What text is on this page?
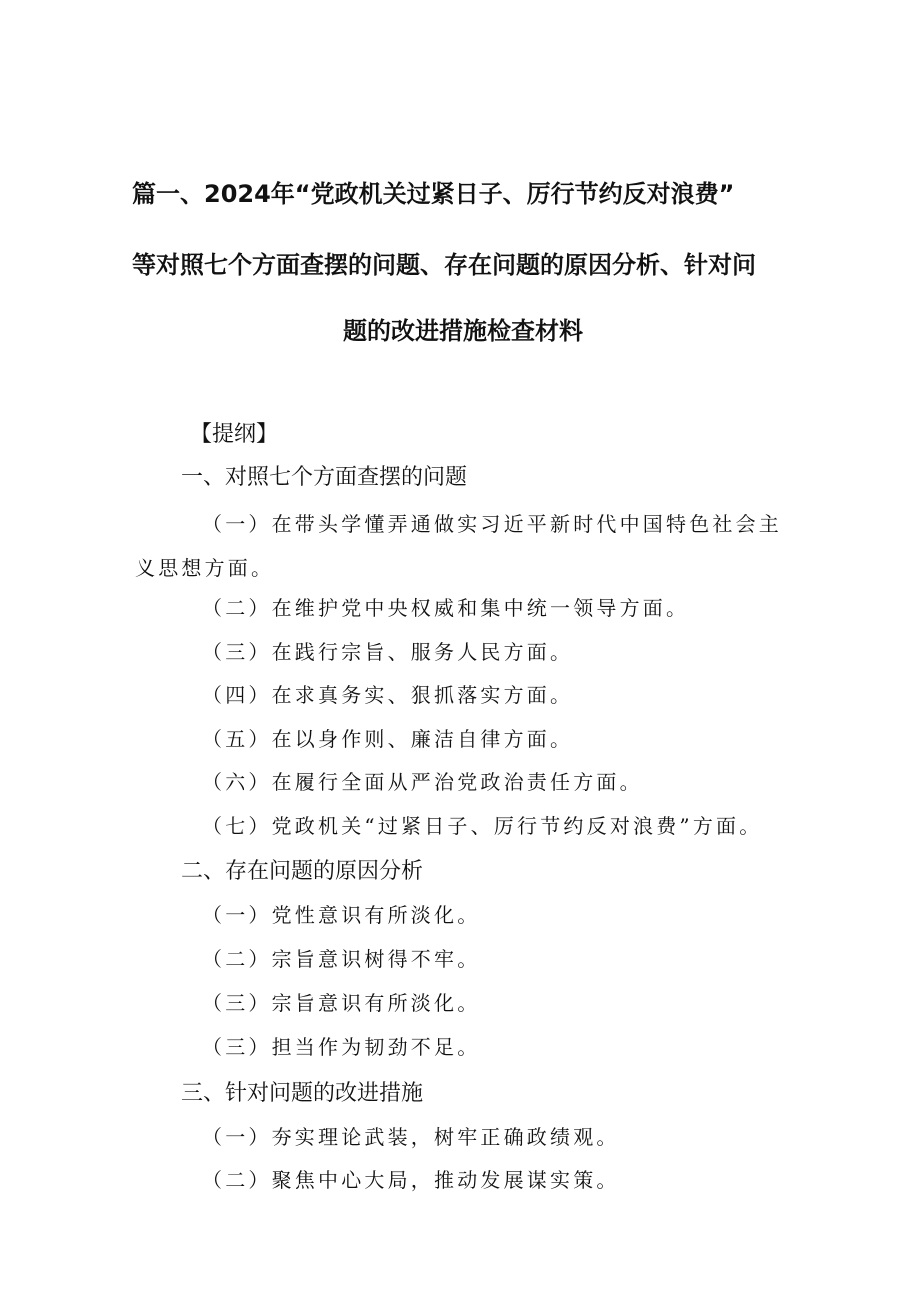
篇一、2024年“党政机关过紧日子、厉行节约反对浪费”
等对照七个方面查摆的问题、存在问题的原因分析、针对问
题的改进措施检查材料
【提纲】
一、对照七个方面查摆的问题
（一）在带头学懂弄通做实习近平新时代中国特色社会主义思想方面。
（二）在维护党中央权威和集中统一领导方面。
（三）在践行宗旨、服务人民方面。
（四）在求真务实、狠抓落实方面。
（五）在以身作则、廉洁自律方面。
（六）在履行全面从严治党政治责任方面。
（七）党政机关“过紧日子、厉行节约反对浪费”方面。
二、存在问题的原因分析
（一）党性意识有所淡化。
（二）宗旨意识树得不牢。
（三）宗旨意识有所淡化。
（三）担当作为韧劲不足。
三、针对问题的改进措施
（一）夯实理论武装，树牢正确政绩观。
（二）聚焦中心大局，推动发展谋实策。
